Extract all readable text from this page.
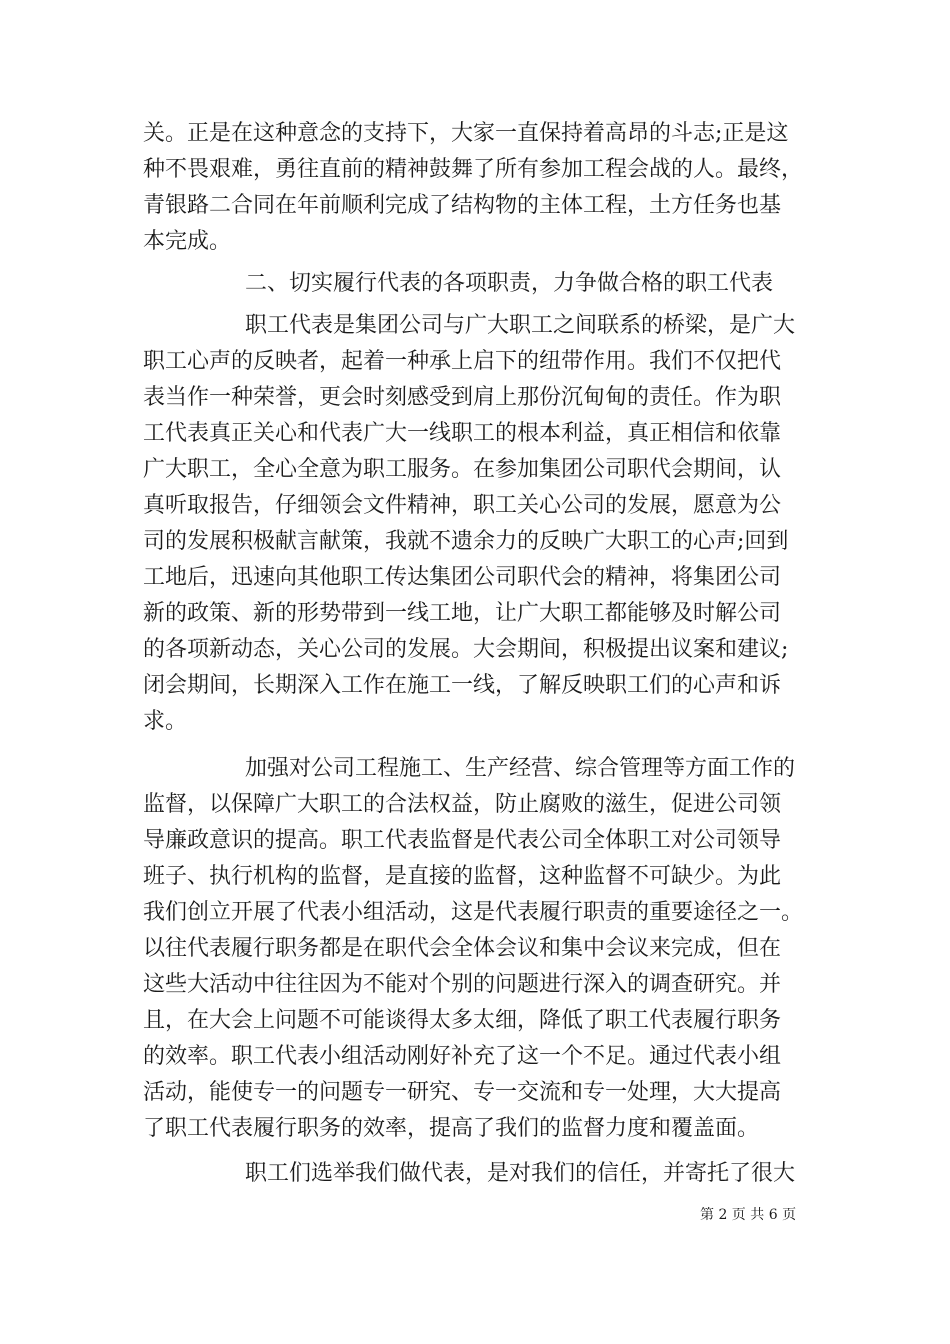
关。正是在这种意念的支持下，大家一直保持着高昂的斗志;正是这
种不畏艰难，勇往直前的精神鼓舞了所有参加工程会战的人。最终，
青银路二合同在年前顺利完成了结构物的主体工程，土方任务也基
本完成。
二、切实履行代表的各项职责，力争做合格的职工代表
职工代表是集团公司与广大职工之间联系的桥梁，是广大
职工心声的反映者，起着一种承上启下的纽带作用。我们不仅把代
表当作一种荣誉，更会时刻感受到肩上那份沉甸甸的责任。作为职
工代表真正关心和代表广大一线职工的根本利益，真正相信和依靠
广大职工，全心全意为职工服务。在参加集团公司职代会期间，认
真听取报告，仔细领会文件精神，职工关心公司的发展，愿意为公
司的发展积极献言献策，我就不遗余力的反映广大职工的心声;回到
工地后，迅速向其他职工传达集团公司职代会的精神，将集团公司
新的政策、新的形势带到一线工地，让广大职工都能够及时解公司
的各项新动态，关心公司的发展。大会期间，积极提出议案和建议;
闭会期间，长期深入工作在施工一线，了解反映职工们的心声和诉
求。
加强对公司工程施工、生产经营、综合管理等方面工作的
监督，以保障广大职工的合法权益，防止腐败的滋生，促进公司领
导廉政意识的提高。职工代表监督是代表公司全体职工对公司领导
班子、执行机构的监督，是直接的监督，这种监督不可缺少。为此
我们创立开展了代表小组活动，这是代表履行职责的重要途径之一。
以往代表履行职务都是在职代会全体会议和集中会议来完成，但在
这些大活动中往往因为不能对个别的问题进行深入的调查研究。并
且，在大会上问题不可能谈得太多太细，降低了职工代表履行职务
的效率。职工代表小组活动刚好补充了这一个不足。通过代表小组
活动，能使专一的问题专一研究、专一交流和专一处理，大大提高
了职工代表履行职务的效率，提高了我们的监督力度和覆盖面。
职工们选举我们做代表，是对我们的信任，并寄托了很大
第 2 页 共 6 页
